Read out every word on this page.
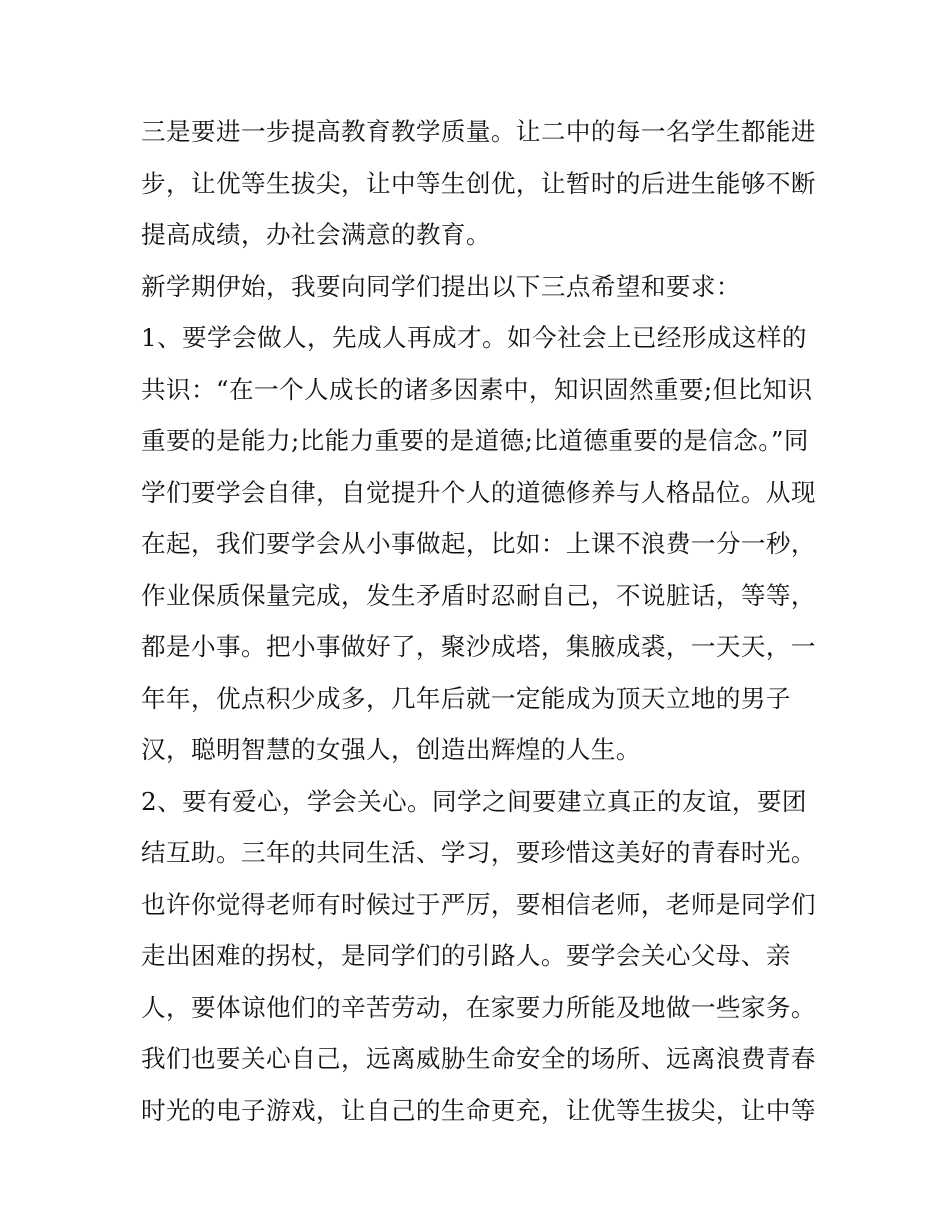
三是要进一步提高教育教学质量。让二中的每一名学生都能进
步，让优等生拔尖，让中等生创优，让暂时的后进生能够不断
提高成绩，办社会满意的教育。
新学期伊始，我要向同学们提出以下三点希望和要求：
1、要学会做人，先成人再成才。如今社会上已经形成这样的
共识：“在一个人成长的诸多因素中，知识固然重要;但比知识
重要的是能力;比能力重要的是道德;比道德重要的是信念。”同
学们要学会自律，自觉提升个人的道德修养与人格品位。从现
在起，我们要学会从小事做起，比如：上课不浪费一分一秒，
作业保质保量完成，发生矛盾时忍耐自己，不说脏话，等等，
都是小事。把小事做好了，聚沙成塔，集腋成裘，一天天，一
年年，优点积少成多，几年后就一定能成为顶天立地的男子
汉，聪明智慧的女强人，创造出辉煌的人生。
2、要有爱心，学会关心。同学之间要建立真正的友谊，要团
结互助。三年的共同生活、学习，要珍惜这美好的青春时光。
也许你觉得老师有时候过于严厉，要相信老师，老师是同学们
走出困难的拐杖，是同学们的引路人。要学会关心父母、亲
人，要体谅他们的辛苦劳动，在家要力所能及地做一些家务。
我们也要关心自己，远离威胁生命安全的场所、远离浪费青春
时光的电子游戏，让自己的生命更充，让优等生拔尖，让中等
